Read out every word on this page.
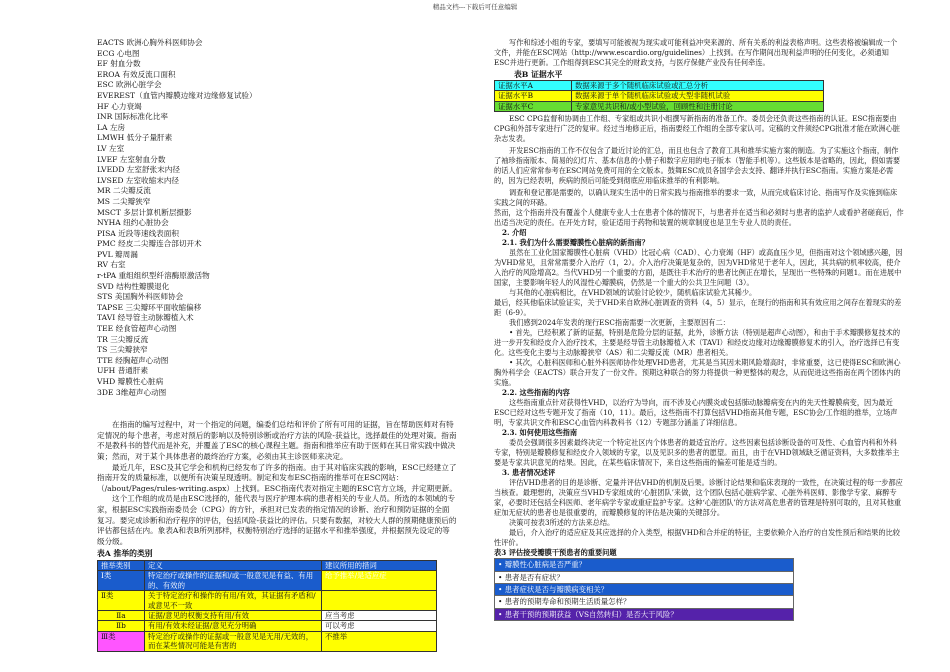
精品文档---下载后可任意编辑
EACTS 欧洲心胸外科医师协会
ECG 心电图
EF 射血分数
EROA 有效反流口面积
ESC 欧洲心脏学会
EVEREST（血管内瓣膜边缘对边缘修复试验）
HF 心力衰竭
INR 国际标准化比率
LA 左房
LMWH 低分子量肝素
LV 左室
LVEF 左室射血分数
LVEDD 左室舒张末内径
LVSED 左室收缩末内径
MR 二尖瓣反流
MS 二尖瓣狭窄
MSCT 多层计算机断层摄影
NYHA 纽约心脏协会
PISA 近段等速线表面积
PMC 经皮二尖瓣连合部切开术
PVL 瓣周漏
RV 右室
r-tPA 重组组织型纤溶酶原激活物
SVD 结构性瓣膜退化
STS 美国胸外科医师协会
TAPSE 三尖瓣环平面收缩偏移
TAVI 经导管主动脉瓣植入术
TEE 经食管超声心动图
TR 三尖瓣反流
TS 三尖瓣狭窄
TTE 经胸超声心动图
UFH 普通肝素
VHD 瓣膜性心脏病
3DE 3维超声心动图

在指南的编写过程中，对一个指定的问题，编委们总结和评价了所有可用的证据，旨在帮助医师对有特定情况的每个患者，考虑对预后的影响以及特别诊断或治疗方法的风险-获益比，选择最佳的处理对策。指南不是教科书的替代而是补充，并覆盖了ESC的核心课程主题。指南和推举应有助于医师在其日常实践中做决策；然而，对于某个具体患者的最终治疗方案，必须由其主诊医师来决定。

最近几年，ESC及其它学会和机构已经发布了许多的指南。由于其对临床实践的影响，ESC已经建立了指南开发的质量标准，以便所有决策呈现透明。制定和发布ESC指南的推举可在ESC网站：（/about/Pages/rules-writing.aspx）上找到。ESC指南代表对指定主题的ESC官方立场，并定期更新。

这个工作组的成员是由ESC选择的，能代表与医疗护理本病的患者相关的专业人员。所选的本领域的专家，根据ESC实践指南委员会（CPG）的方针，承担对已发表的指定情况的诊断、治疗和预防证据的全面复习。要完成诊断和治疗程序的评估，包括风险-获益比的评估。只要有数据，对较大人群的预期健康预后的评估都包括在内。象表A和表B所列那样，权衡特别治疗选择的证据水平和推举强度，并根据预先设定的等级分级。

表A 推举的类别
推举类别	定义	建议所用的措词
Ⅰ类	特定治疗或操作的证据和/或一般意见是有益、有用的、有效的	给予推举/是适应症
Ⅱ类	关于特定治疗和操作的有用/有效，其证据有矛盾和/或意见不一致	
Ⅱa	证据/意见的权衡支持有用/有效	应当考虑
Ⅱb	有用/有效未经证据/意见充分明确	可以考虑
Ⅲ类	特定治疗或操作的证据或一般意见是无用/无效的，而在某些情况可能是有害的	不推举

写作和综述小组的专家，要填写可能被视为现实或可能利益冲突来源的、所有关系的利益表格声明。这些表格被编辑成一个文件，并能在ESC网站（http://www.escardio.org/guidelines）上找到。在写作期间出现利益声明的任何变化，必须通知ESC并进行更新。工作组得到ESC其完全的财政支持，与医疗保健产业没有任何牵连。

表B 证据水平
证据水平A	数据来源于多个随机临床试验或汇总分析
证据水平B	数据来源于单个随机临床试验或大型非随机试验
证据水平C	专家意见共识和/或小型试验，回顾性和注册讨论

ESC CPG监督和协调由工作组、专家组或共识小组撰写新指南的准备工作。委员会还负责这些指南的认证。ESC指南要由CPG和外部专家进行广泛的复审。经过当地修正后，指南要经工作组的全部专家认可。定稿的文件须经CPG批准才能在欧洲心脏杂志发表。

开发ESC指南的工作不仅包含了最近讨论的汇总，而且也包含了教育工具和推举实施方案的制造。为了实施这个指南，制作了袖珍指南版本、简易的幻灯片、基本信息的小册子和数字应用的电子版本（智能手机等）。这些版本是省略的，因此，假如需要的话人们应常常参考在ESC网站免费可用的全文版本。鼓舞ESC成员各国学会去支持、翻译并执行ESC指南。实施方案是必需的，因为已经表明，疾病的预后可能受到彻底应用临床推举的有利影响。

调查和登记都是需要的，以确认现实生活中的日常实践与指南推举的要求一致，从而完成临床讨论、指南写作及实施到临床实践之间的环路。

然而，这个指南并没有覆盖个人健康专业人士在患者个体的情况下，与患者并在适当和必须时与患者的监护人或看护者磋商后，作出适当决定的责任。在开处方时，验证适用于药物和装置的规章制度也是卫生专业人员的责任。

2. 介绍
2.1. 我们为什么需要瓣膜性心脏病的新指南？

虽然在工业化国家瓣膜性心脏病（VHD）比冠心病（CAD）、心力衰竭（HF）或高血压少见，但指南对这个领域感兴趣，因为VHD常见，且常常需要介入治疗（1，2）。介入治疗决策是复杂的，因为VHD常见于老年人，因此，其共病的机率较高，使介入治疗的风险增高2。当代VHD另一个重要的方面，是既往手术治疗的患者比例正在增长，呈现出一些特殊的问题1。而在进展中国家，主要影响年轻人的风湿性心瓣膜病，仍然是一个重大的公共卫生问题（3）。

与其他的心脏病相比，在VHD领域的试验讨论较少，随机临床试验尤其稀少。

最后，经其他临床试验证实，关于VHD来自欧洲心脏调查的资料（4，5）显示，在现行的指南和其有效应用之间存在着现实的差距（6-9）。

我们感到2024年发表的现行ESC指南需要一次更新，主要原因有二：

• 首先，已经积累了新的证据，特别是危险分层的证据，此外，诊断方法（特别是超声心动图），和由于手术瓣膜修复技术的进一步开发和经皮介入治疗技术，主要是经导管主动脉瓣植入术（TAVI）和经皮边缘对边缘瓣膜修复术的引入，治疗选择已有变化。这些变化主要与主动脉瓣狭窄（AS）和二尖瓣反流（MR）患者相关。

• 其次，心脏科医师和心脏外科医师协作处理VHD患者，尤其是当其因未期风险增高时，非常重要，这已使得ESC和欧洲心胸外科学会（EACTS）联合开发了一份文件。预期这种联合的努力将提供一种更整体的观念，从而促进这些指南在两个团体内的实施。

2.2. 这些指南的内容

这些指南重点针对获得性VHD，以治疗为导向，而不涉及心内膜炎或包括肺动脉瓣病变在内的先天性瓣膜病变，因为最近ESC已经对这些专题开发了指南（10，11）。最后，这些指南不打算包括VHD指南其他专题，ESC协会/工作组的推举，立场声明，专家共识文件和ESC心血管内科教科书（12）专题部分涵盖了详细信息。

2.3. 如何使用这些指南

委员会强调很多因素最终决定一个特定社区内个体患者的最适宜治疗。这些因素包括诊断设备的可及性、心血管内科和外科专家，特别是瓣膜修复和经皮介入领域的专家，以及见识多的患者的愿望。而且，由于在VHD领域缺乏循证资料，大多数推举主要是专家共识意见的结果。因此，在某些临床情况下，来自这些指南的偏差可能是适当的。

3. 患者情况述评

评估VHD患者的目的是诊断、定量并评估VHD的机制及后果。诊断讨论结果和临床表现的一致性，在决策过程的每一步都应当核查。最理想的，决策应当VHD专家组成的‘心脏团队’来做，这个团队包括心脏病学家、心脏外科医师、影像学专家、麻醉专家，必要时还包括全科医师、老年病学专家或重症监护专家。这种‘心脏团队’的方法对高危患者的管理是特别可取的，且对其他重症加无症状的患者也是很重要的，而瓣膜修复的评估是决策的关键部分。

决策可按表3所述的方法来总结。

最后，介入治疗的适应症及其应选择的介入类型，根据VHD和合并症的特征，主要依赖介入治疗的自发性预后和结果的比较性评价。

表3 评估接受瓣膜干预患者的重要问题
• 瓣膜性心脏病是否严重？
• 患者是否有症状？
• 患者症状是否与瓣膜病变相关？
• 患者的预期寿命和预期生活质量怎样？
• 患者干预的预期获益（VS自然转归）是否大于风险？
